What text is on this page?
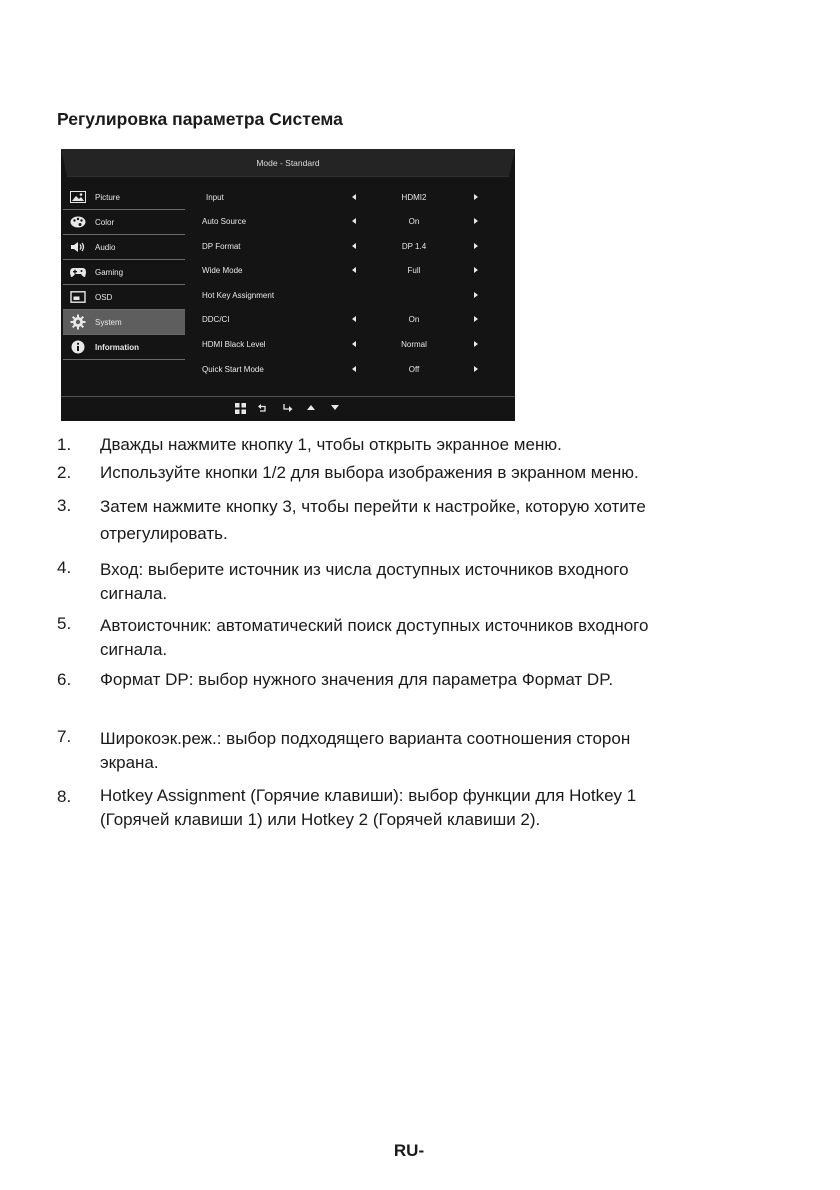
Регулировка параметра Система
Mode - Standard
Picture
Color
Audio
Gaming
OSD
System
Information
Input	HDMI2
Auto Source	On
DP Format	DP 1.4
Wide Mode	Full
Hot Key Assignment
DDC/CI	On
HDMI Black Level	Normal
Quick Start Mode	Off
1. Дважды нажмите кнопку 1, чтобы открыть экранное меню.
2. Используйте кнопки 1/2 для выбора изображения в экранном меню.
3. Затем нажмите кнопку 3, чтобы перейти к настройке, которую хотите
отрегулировать.
4. Вход: выберите источник из числа доступных источников входного
сигнала.
5. Автоисточник: автоматический поиск доступных источников входного
сигнала.
6. Формат DP: выбор нужного значения для параметра Формат DP.
7. Широкоэк.реж.: выбор подходящего варианта соотношения сторон
экрана.
8. Hotkey Assignment (Горячие клавиши): выбор функции для Hotkey 1
(Горячей клавиши 1) или Hotkey 2 (Горячей клавиши 2).
RU-
